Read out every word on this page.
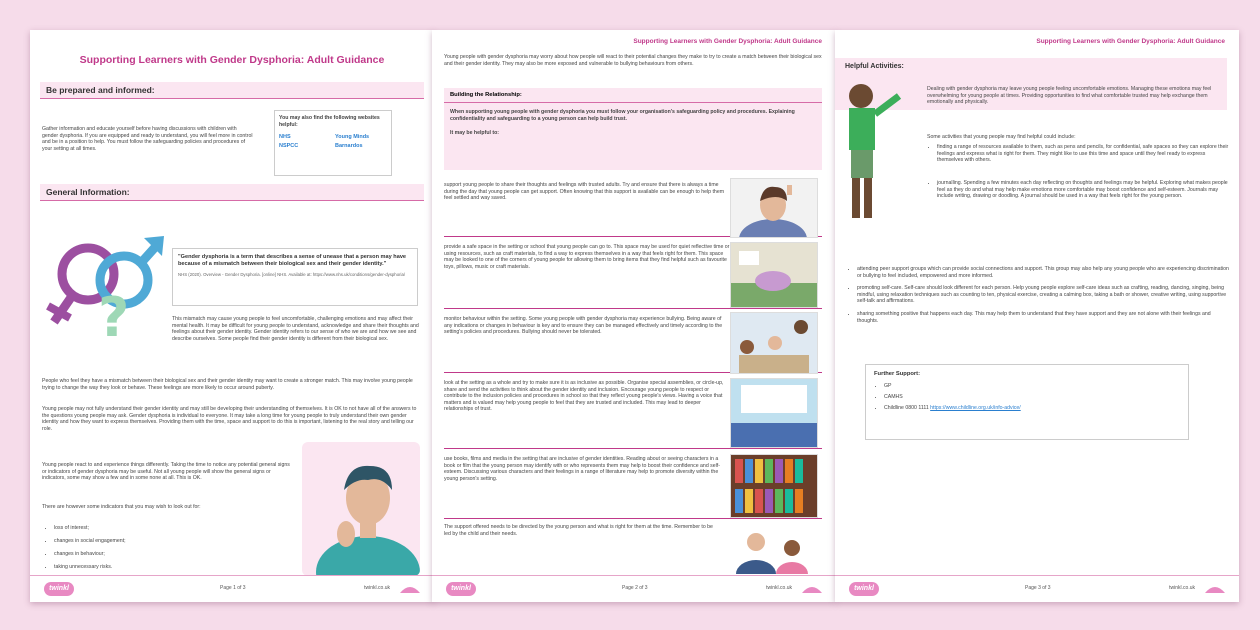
Supporting Learners with Gender Dysphoria: Adult Guidance
Be prepared and informed:
Gather information and educate yourself before having discussions with children with gender dysphoria. If you are equipped and ready to understand, you will feel more in control and be in a position to help. You must follow the safeguarding policies and procedures of your setting at all times.
You may also find the following websites helpful:
NHS	Young Minds
NSPCC	Barnardos
General Information:
?
"Gender dysphoria is a term that describes a sense of unease that a person may have because of a mismatch between their biological sex and their gender identity."
NHS (2020). Overview - Gender Dysphoria. [online] NHS. Available at: https://www.nhs.uk/conditions/gender-dysphoria/
This mismatch may cause young people to feel uncomfortable, challenging emotions and may affect their mental health. It may be difficult for young people to understand, acknowledge and share their thoughts and feelings about their gender identity. Gender identity refers to our sense of who we are and how we see and describe ourselves. Some people find their gender identity is different from their biological sex.
People who feel they have a mismatch between their biological sex and their gender identity may want to create a stronger match. This may involve young people trying to change the way they look or behave. These feelings are more likely to occur around puberty.
Young people may not fully understand their gender identity and may still be developing their understanding of themselves. It is OK to not have all of the answers to the questions young people may ask. Gender dysphoria is individual to everyone. It may take a long time for young people to truly understand their own gender identity and how they want to express themselves. Providing them with the time, space and support to do this is important, listening to the real story and telling our role.
Young people react to and experience things differently. Taking the time to notice any potential general signs or indicators of gender dysphoria may be useful. Not all young people will show the general signs or indicators, some may show a few and in some none at all. This is OK.
There are however some indicators that you may wish to look out for:
• loss of interest;
• changes in social engagement;
• changes in behaviour;
• taking unnecessary risks.
twinkl	Page 1 of 3	twinkl.co.uk
Supporting Learners with Gender Dysphoria: Adult Guidance
Young people with gender dysphoria may worry about how people will react to their potential changes they make to try to create a match between their biological sex and their gender identity. They may also be more exposed and vulnerable to bullying behaviours from others.
Building the Relationship:
When supporting young people with gender dysphoria you must follow your organisation's safeguarding policy and procedures. Explaining confidentiality and safeguarding to a young person can help build trust.
It may be helpful to:
support young people to share their thoughts and feelings with trusted adults. Try and ensure that there is always a time during the day that young people can get support. Often knowing that this support is available can be enough to help them feel settled and way saved.
provide a safe space in the setting or school that young people can go to. This space may be used for quiet reflective time or using resources, such as craft materials, to find a way to express themselves in a way that feels right for them. This space may be looked to one of the corners of young people for allowing them to bring items that they find helpful such as favourite toys, pillows, music or craft materials.
monitor behaviour within the setting. Some young people with gender dysphoria may experience bullying. Being aware of any indications or changes in behaviour is key and to ensure they can be managed effectively and timely according to the setting's policies and procedures. Bullying should never be tolerated.
look at the setting as a whole and try to make sure it is as inclusive as possible. Organise special assemblies, or circle-up, share and send the activities to think about the gender identity and inclusion. Encourage young people to respect or contribute to the inclusion policies and procedures in school so that they reflect young people's views. Having a voice that matters and is valued may help young people to feel that they are trusted and included. This may lead to deeper relationships of trust.
use books, films and media in the setting that are inclusive of gender identities. Reading about or seeing characters in a book or film that the young person may identify with or who represents them may help to boost their confidence and self-esteem. Discussing various characters and their feelings in a range of literature may help to promote diversity within the young person's setting.
The support offered needs to be directed by the young person and what is right for them at the time. Remember to be led by the child and their needs.
twinkl	Page 2 of 3	twinkl.co.uk
Supporting Learners with Gender Dysphoria: Adult Guidance
Helpful Activities:
Dealing with gender dysphoria may leave young people feeling uncomfortable emotions. Managing these emotions may feel overwhelming for young people at times. Providing opportunities to find what comfortable trusted may help exchange them emotionally and physically.
Some activities that young people may find helpful could include:
• finding a range of resources available to them, such as pens and pencils, for confidential, safe spaces so they can explore their feelings and express what is right for them. They might like to use this time and space until they feel ready to express themselves with others.
• journalling. Spending a few minutes each day reflecting on thoughts and feelings may be helpful. Exploring what makes people feel as they do and what may help make emotions more comfortable may boost confidence and self-esteem. Journals may include writing, drawing or doodling. A journal should be used in a way that feels right for the young person.
• attending peer support groups which can provide social connections and support. This group may also help any young people who are experiencing discrimination or bullying to feel included, empowered and more informed.
• promoting self-care. Self-care should look different for each person. Help young people explore self-care ideas such as crafting, reading, dancing, singing, being mindful, using relaxation techniques such as counting to ten, physical exercise, creating a calming box, taking a bath or shower, creative writing, using supportive self-talk and affirmations.
• sharing something positive that happens each day. This may help them to understand that they have support and they are not alone with their feelings and thoughts.
Further Support:
• GP
• CAMHS
• Childline 0800 1111 https://www.childline.org.uk/info-advice/
twinkl	Page 3 of 3	twinkl.co.uk
